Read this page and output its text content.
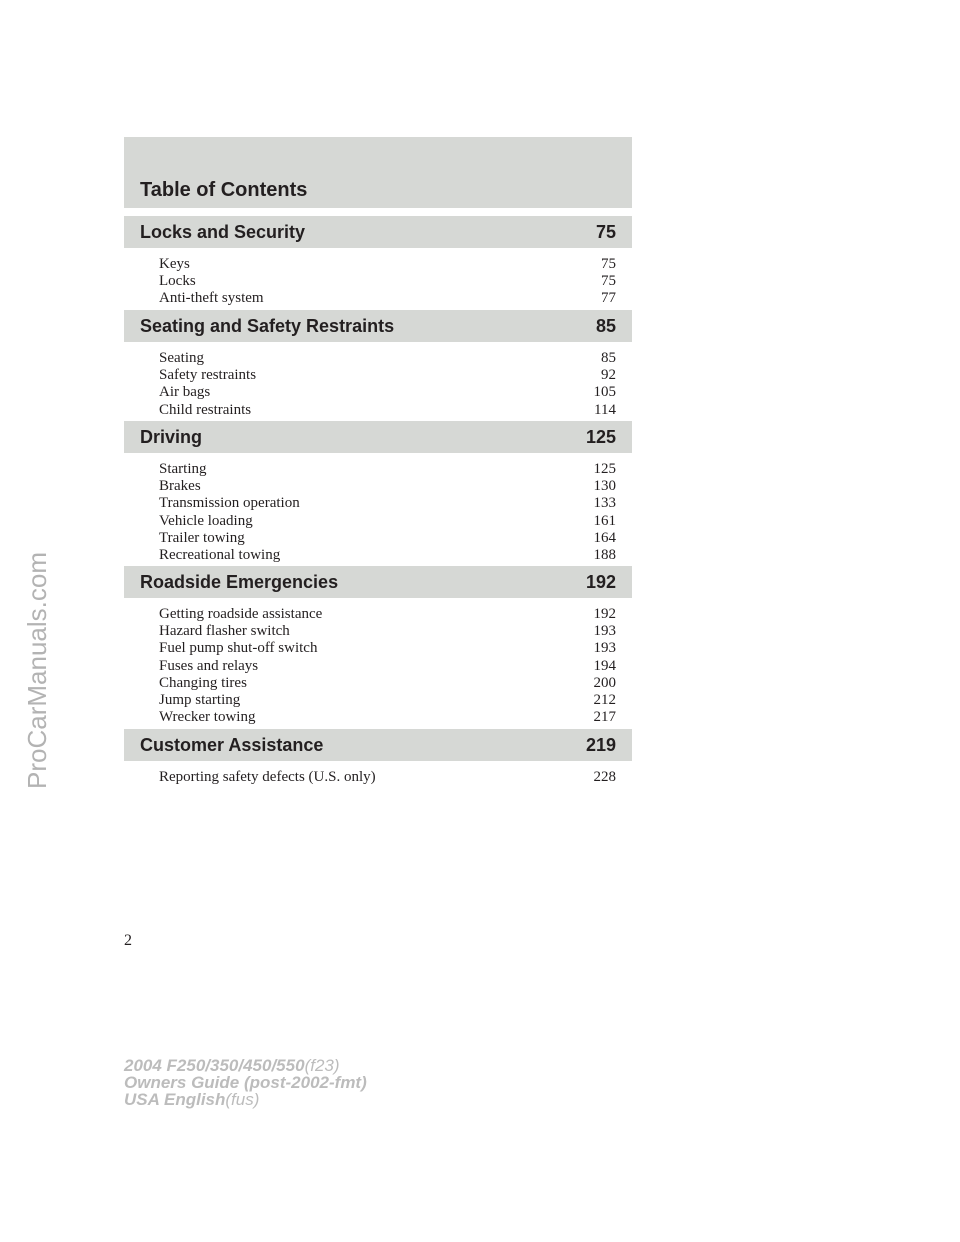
ProCarManuals.com
Table of Contents
Locks and Security	75
Keys	75
Locks	75
Anti-theft system	77
Seating and Safety Restraints	85
Seating	85
Safety restraints	92
Air bags	105
Child restraints	114
Driving	125
Starting	125
Brakes	130
Transmission operation	133
Vehicle loading	161
Trailer towing	164
Recreational towing	188
Roadside Emergencies	192
Getting roadside assistance	192
Hazard flasher switch	193
Fuel pump shut-off switch	193
Fuses and relays	194
Changing tires	200
Jump starting	212
Wrecker towing	217
Customer Assistance	219
Reporting safety defects (U.S. only)	228
2
2004 F250/350/450/550(f23)
Owners Guide (post-2002-fmt)
USA English(fus)
